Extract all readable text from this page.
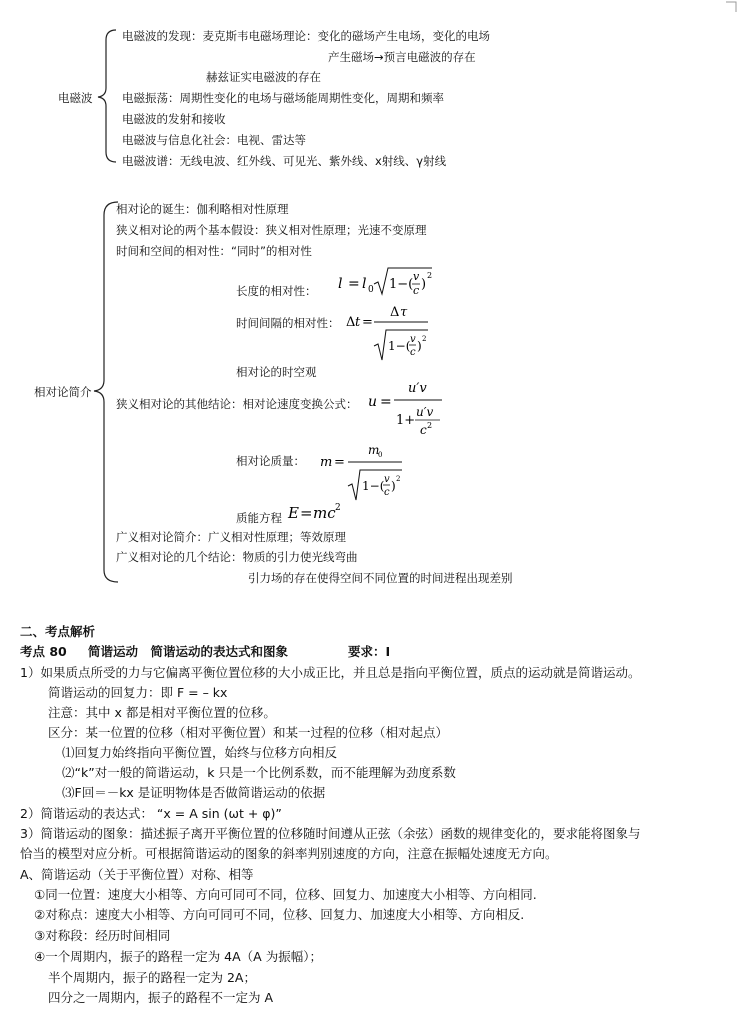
电磁波
电磁波的发现：麦克斯韦电磁场理论：变化的磁场产生电场，变化的电场
产生磁场→预言电磁波的存在
赫兹证实电磁波的存在
电磁振荡：周期性变化的电场与磁场能周期性变化，周期和频率
电磁波的发射和接收
电磁波与信息化社会：电视、雷达等
电磁波谱：无线电波、红外线、可见光、紫外线、x射线、γ射线
相对论简介
相对论的诞生：伽利略相对性原理
狭义相对论的两个基本假设：狭义相对性原理；光速不变原理
时间和空间的相对性：“同时”的相对性
长度的相对性： l = l 0 1−(
v
c )
2
时间间隔的相对性： Δ t =
Δ τ
1−( v
c ) 2
相对论的时空观
狭义相对论的其他结论：相对论速度变换公式： u =
u′v
1+
u′v
c 2
相对论质量： m =
m
0
1−( v
c ) 2
质能方程 E = mc 2
广义相对论简介：广义相对性原理；等效原理
广义相对论的几个结论：物质的引力使光线弯曲
引力场的存在使得空间不同位置的时间进程出现差别
二、考点解析
考点 80 简谐运动　简谐运动的表达式和图象	要求：Ⅰ
1）如果质点所受的力与它偏离平衡位置位移的大小成正比，并且总是指向平衡位置，质点的运动就是简谐运动。
简谐运动的回复力：即 F = – kx
注意：其中 x 都是相对平衡位置的位移。
区分：某一位置的位移（相对平衡位置）和某一过程的位移（相对起点）
⑴回复力始终指向平衡位置，始终与位移方向相反
⑵“k”对一般的简谐运动，k 只是一个比例系数，而不能理解为劲度系数
⑶F回＝－kx 是证明物体是否做简谐运动的依据
2）简谐运动的表达式： “x = A sin (ωt + φ)”
3）简谐运动的图象：描述振子离开平衡位置的位移随时间遵从正弦（余弦）函数的规律变化的，要求能将图象与
恰当的模型对应分析。可根据简谐运动的图象的斜率判别速度的方向，注意在振幅处速度无方向。
A、简谐运动（关于平衡位置）对称、相等
①同一位置：速度大小相等、方向可同可不同，位移、回复力、加速度大小相等、方向相同.
②对称点：速度大小相等、方向可同可不同，位移、回复力、加速度大小相等、方向相反.
③对称段：经历时间相同
④一个周期内，振子的路程一定为 4A（A 为振幅）；
半个周期内，振子的路程一定为 2A；
四分之一周期内，振子的路程不一定为 A
